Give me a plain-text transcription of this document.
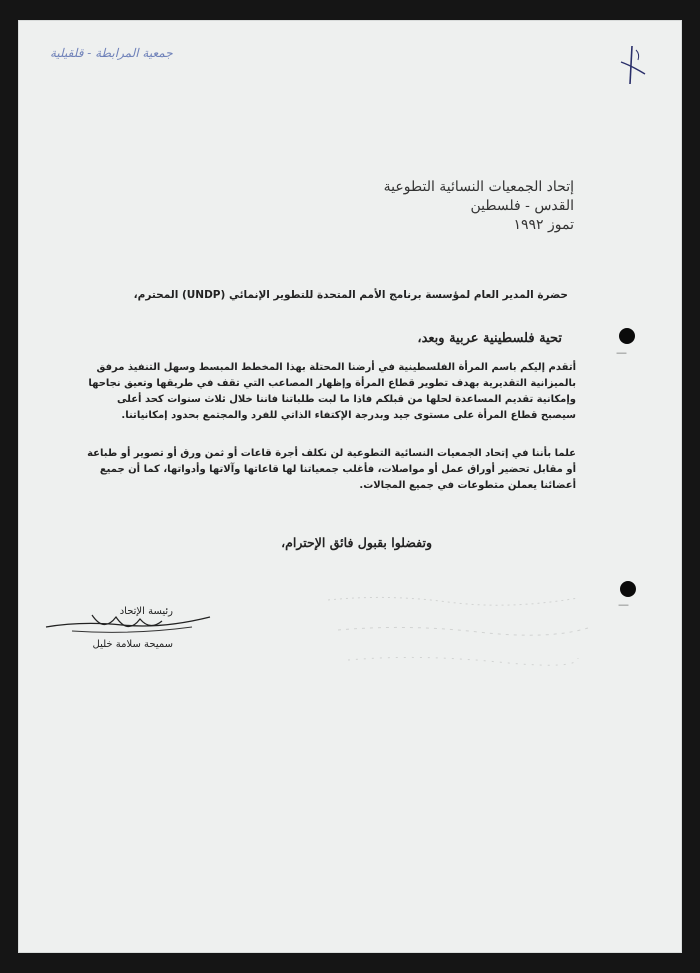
جمعية المرابطة - قلقيلية
إتحاد الجمعيات النسائية التطوعية
القدس - فلسطين
تموز ١٩٩٢
حضرة المدير العام لمؤسسة برنامج الأمم المتحدة للتطوير الإنمائي (UNDP) المحترم،
تحية فلسطينية عربية وبعد،
أتقدم إليكم باسم المرأة الفلسطينية في أرضنا المحتلة بهذا المخطط المبسط وسهل التنفيذ مرفق بالميزانية التقديرية بهدف تطوير قطاع المرأة وإظهار المصاعب التي تقف في طريقها وتعيق نجاحها وإمكانية تقديم المساعدة لحلها من قبلكم فاذا ما لبت طلباتنا فاننا خلال ثلاث سنوات كحد أعلى سيصبح قطاع المرأة على مستوى جيد وبدرجة الإكتفاء الذاتي للفرد والمجتمع بحدود إمكانياتنا.
علما بأننا في إتحاد الجمعيات النسائية التطوعية لن نكلف أجرة قاعات أو ثمن ورق أو تصوير أو طباعة أو مقابل تحضير أوراق عمل أو مواصلات، فأغلب جمعياتنا لها قاعاتها وآلاتها وأدواتها، كما أن جميع أعضائنا يعملن متطوعات في جميع المجالات.
وتفضلوا بقبول فائق الإحترام،
رئيسة الإتحاد
سميحة سلامة خليل
—
—
